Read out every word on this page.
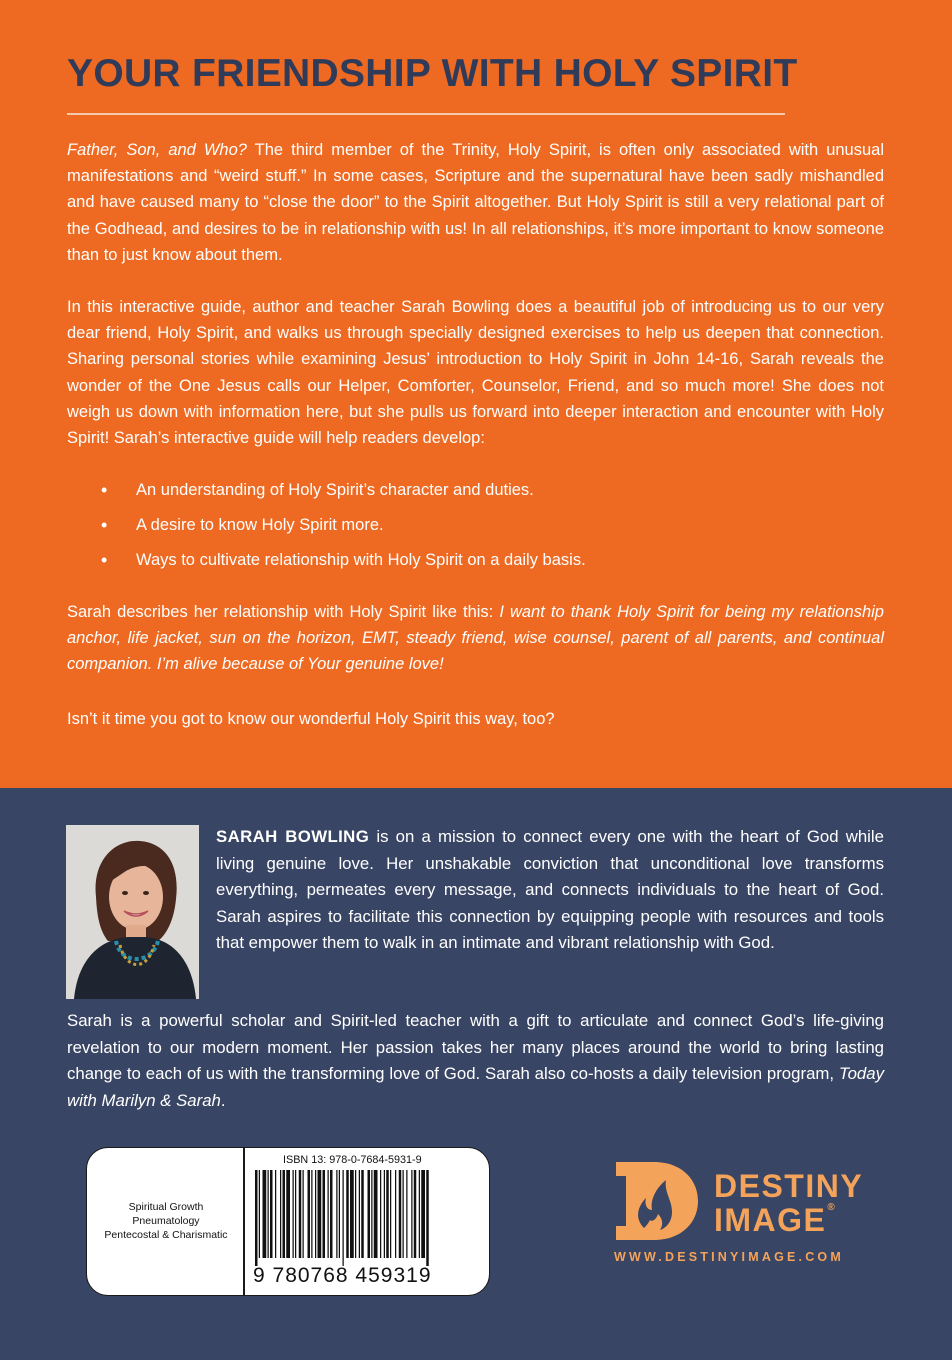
YOUR FRIENDSHIP WITH HOLY SPIRIT

Father, Son, and Who? The third member of the Trinity, Holy Spirit, is often only associated with unusual manifestations and “weird stuff.” In some cases, Scripture and the supernatural have been sadly mishandled and have caused many to “close the door” to the Spirit altogether. But Holy Spirit is still a very relational part of the Godhead, and desires to be in relationship with us! In all relationships, it’s more important to know someone than to just know about them.

In this interactive guide, author and teacher Sarah Bowling does a beautiful job of introducing us to our very dear friend, Holy Spirit, and walks us through specially designed exercises to help us deepen that connection. Sharing personal stories while examining Jesus’ introduction to Holy Spirit in John 14-16, Sarah reveals the wonder of the One Jesus calls our Helper, Comforter, Counselor, Friend, and so much more! She does not weigh us down with information here, but she pulls us forward into deeper interaction and encounter with Holy Spirit! Sarah’s interactive guide will help readers develop:

• An understanding of Holy Spirit’s character and duties.
• A desire to know Holy Spirit more.
• Ways to cultivate relationship with Holy Spirit on a daily basis.

Sarah describes her relationship with Holy Spirit like this: I want to thank Holy Spirit for being my relationship anchor, life jacket, sun on the horizon, EMT, steady friend, wise counsel, parent of all parents, and continual companion. I’m alive because of Your genuine love!

Isn’t it time you got to know our wonderful Holy Spirit this way, too?

SARAH BOWLING is on a mission to connect every one with the heart of God while living genuine love. Her unshakable conviction that unconditional love transforms everything, permeates every message, and connects individuals to the heart of God. Sarah aspires to facilitate this connection by equipping people with resources and tools that empower them to walk in an intimate and vibrant relationship with God.

Sarah is a powerful scholar and Spirit-led teacher with a gift to articulate and connect God’s life-giving revelation to our modern moment. Her passion takes her many places around the world to bring lasting change to each of us with the transforming love of God. Sarah also co-hosts a daily television program, Today with Marilyn & Sarah.

Spiritual Growth
Pneumatology
Pentecostal & Charismatic
ISBN 13: 978-0-7684-5931-9
9 780768 459319
DESTINY
IMAGE®
WWW.DESTINYIMAGE.COM
